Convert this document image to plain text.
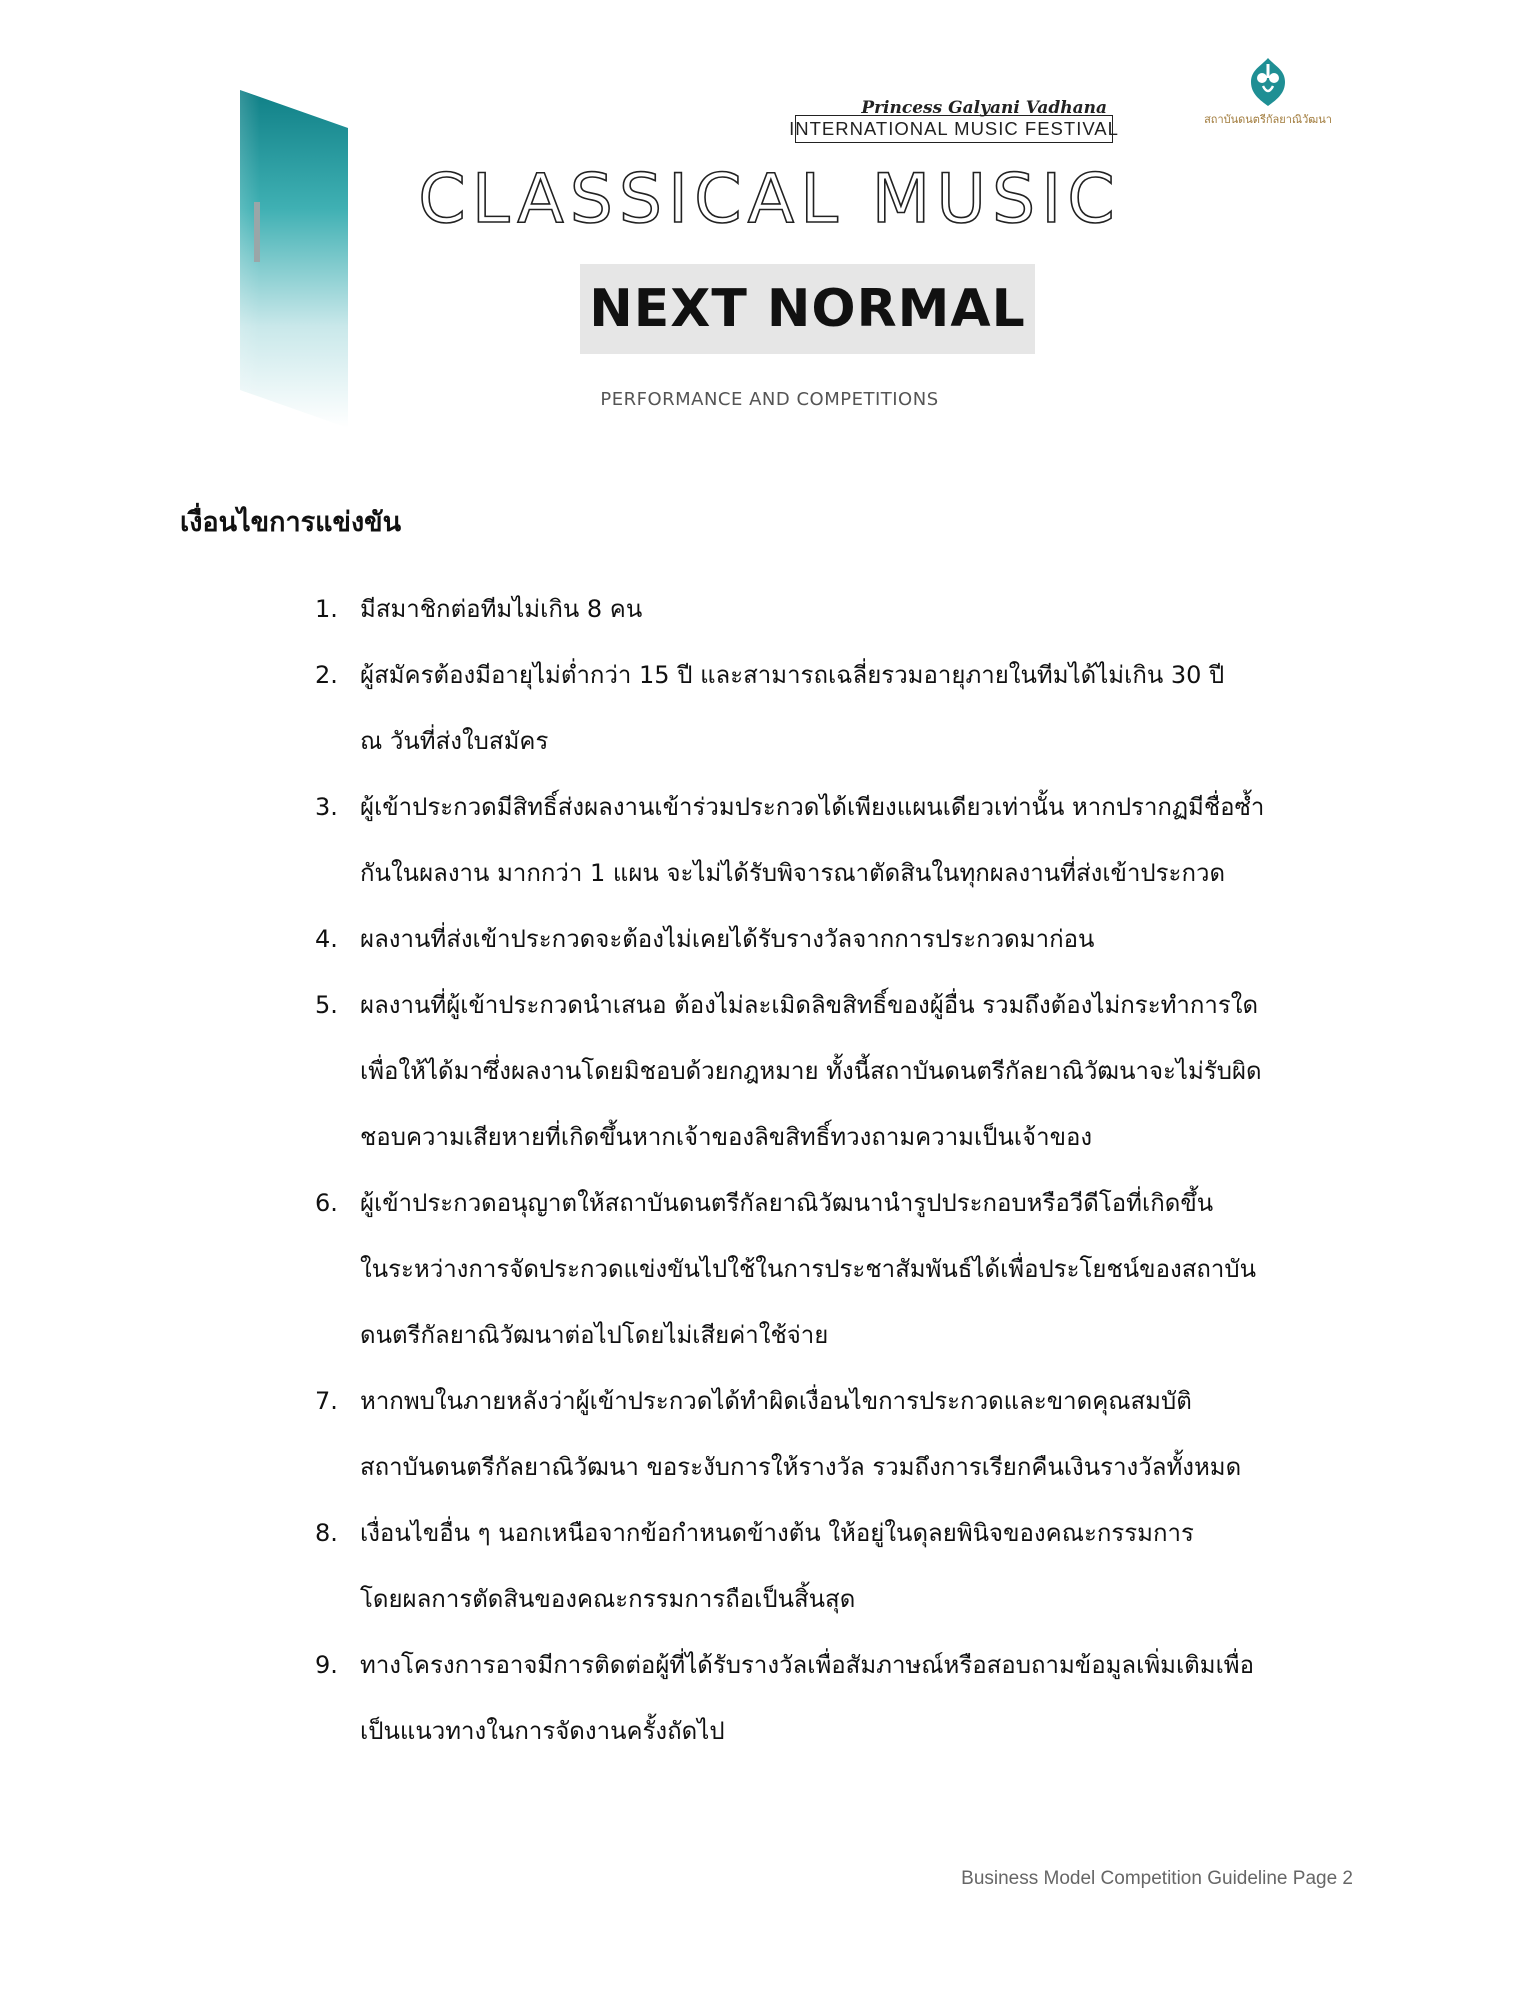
Princess Galyani Vadhana
INTERNATIONAL MUSIC FESTIVAL	สถาบันดนตรีกัลยาณิวัฒนา
CLASSICAL MUSIC
NEXT NORMAL
PERFORMANCE AND COMPETITIONS
เงื่อนไขการแข่งขัน
1. มีสมาชิกต่อทีมไม่เกิน 8 คน
2. ผู้สมัครต้องมีอายุไม่ต่ำกว่า 15 ปี และสามารถเฉลี่ยรวมอายุภายในทีมได้ไม่เกิน 30 ปี
ณ วันที่ส่งใบสมัคร
3. ผู้เข้าประกวดมีสิทธิ์ส่งผลงานเข้าร่วมประกวดได้เพียงแผนเดียวเท่านั้น หากปรากฏมีชื่อซ้ำ
กันในผลงาน มากกว่า 1 แผน จะไม่ได้รับพิจารณาตัดสินในทุกผลงานที่ส่งเข้าประกวด
4. ผลงานที่ส่งเข้าประกวดจะต้องไม่เคยได้รับรางวัลจากการประกวดมาก่อน
5. ผลงานที่ผู้เข้าประกวดนำเสนอ ต้องไม่ละเมิดลิขสิทธิ์ของผู้อื่น รวมถึงต้องไม่กระทำการใด
เพื่อให้ได้มาซึ่งผลงานโดยมิชอบด้วยกฎหมาย ทั้งนี้สถาบันดนตรีกัลยาณิวัฒนาจะไม่รับผิด
ชอบความเสียหายที่เกิดขึ้นหากเจ้าของลิขสิทธิ์ทวงถามความเป็นเจ้าของ
6. ผู้เข้าประกวดอนุญาตให้สถาบันดนตรีกัลยาณิวัฒนานำรูปประกอบหรือวีดีโอที่เกิดขึ้น
ในระหว่างการจัดประกวดแข่งขันไปใช้ในการประชาสัมพันธ์ได้เพื่อประโยชน์ของสถาบัน
ดนตรีกัลยาณิวัฒนาต่อไปโดยไม่เสียค่าใช้จ่าย
7. หากพบในภายหลังว่าผู้เข้าประกวดได้ทำผิดเงื่อนไขการประกวดและขาดคุณสมบัติ
สถาบันดนตรีกัลยาณิวัฒนา ขอระงับการให้รางวัล รวมถึงการเรียกคืนเงินรางวัลทั้งหมด
8. เงื่อนไขอื่น ๆ นอกเหนือจากข้อกำหนดข้างต้น ให้อยู่ในดุลยพินิจของคณะกรรมการ
โดยผลการตัดสินของคณะกรรมการถือเป็นสิ้นสุด
9. ทางโครงการอาจมีการติดต่อผู้ที่ได้รับรางวัลเพื่อสัมภาษณ์หรือสอบถามข้อมูลเพิ่มเติมเพื่อ
เป็นแนวทางในการจัดงานครั้งถัดไป
Business Model Competition Guideline Page 2
